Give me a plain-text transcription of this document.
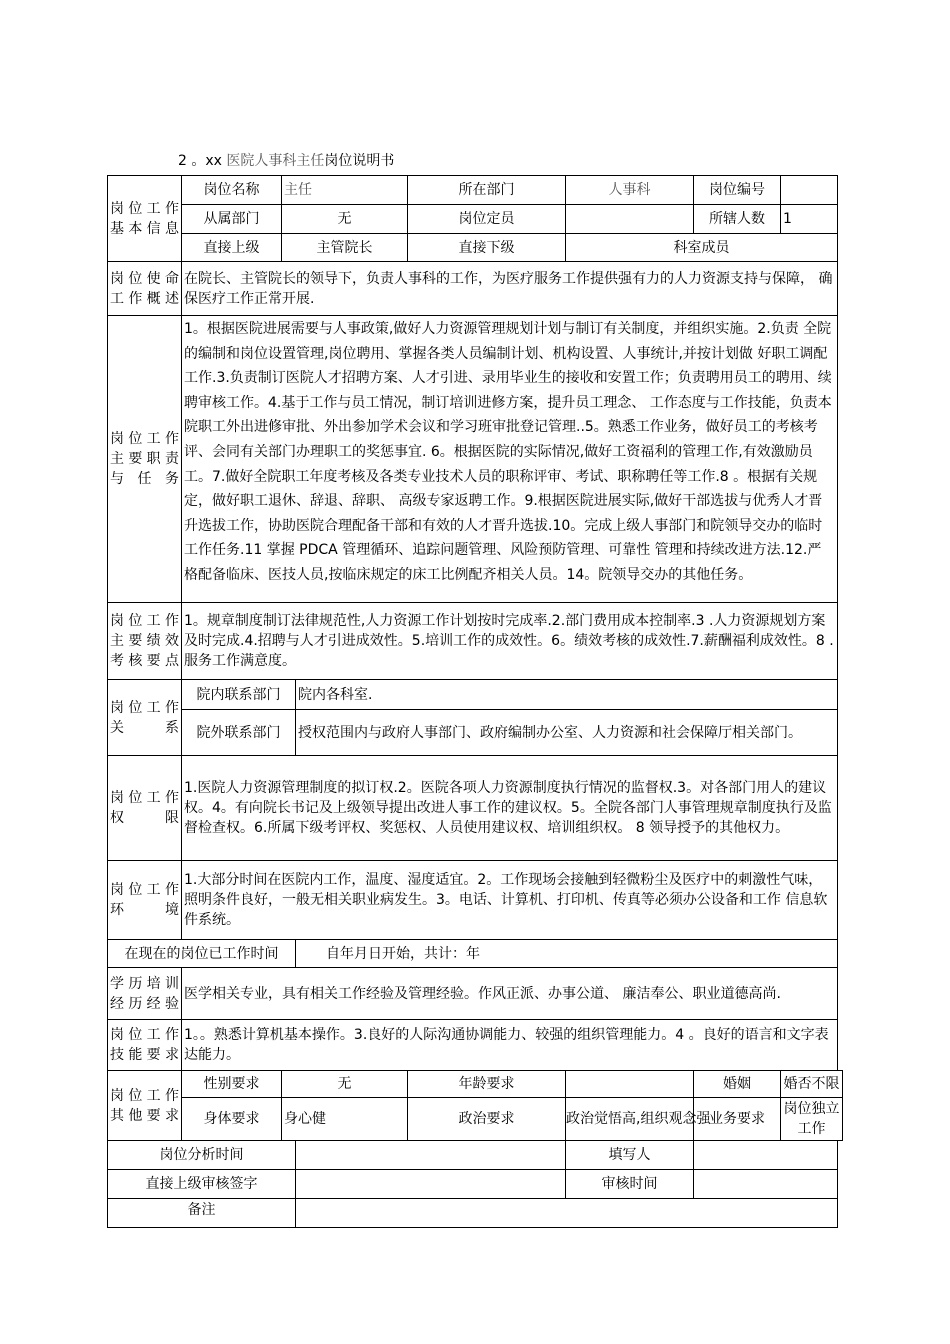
2 。xx 医院人事科主任岗位说明书
岗位工作基本信息	岗位名称	主任		所在部门	人事科	岗位编号	
	从属部门	无		岗位定员		所辖人数	1
	直接上级	主管院长		直接下级	科室成员		
岗位使命工作概述	在院长、主管院长的领导下，负责人事科的工作，为医疗服务工作提供强有力的人力资源支持与保障， 确保医疗工作正常开展.						
岗位工作主要职责与任务	1。根据医院进展需要与人事政策,做好人力资源管理规划计划与制订有关制度，并组织实施。2.负责 全院的编制和岗位设置管理,岗位聘用、掌握各类人员编制计划、机构设置、人事统计,并按计划做 好职工调配工作.3.负责制订医院人才招聘方案、人才引进、录用毕业生的接收和安置工作；负责聘用员工的聘用、续聘审核工作。4.基于工作与员工情况，制订培训进修方案，提升员工理念、 工作态度与工作技能，负责本院职工外出进修审批、外出参加学术会议和学习班审批登记管理..5。熟悉工作业务，做好员工的考核考评、会同有关部门办理职工的奖惩事宜. 6。根据医院的实际情况,做好工资福利的管理工作,有效激励员工。7.做好全院职工年度考核及各类专业技术人员的职称评审、考试、职称聘任等工作.8 。根据有关规定，做好职工退休、辞退、辞职、 高级专家返聘工作。9.根据医院进展实际,做好干部选拔与优秀人才晋升选拔工作，协助医院合理配备干部和有效的人才晋升选拔.10。完成上级人事部门和院领导交办的临时工作任务.11 掌握 PDCA 管理循环、追踪问题管理、风险预防管理、可靠性 管理和持续改进方法.12.严格配备临床、医技人员,按临床规定的床工比例配齐相关人员。14。院领导交办的其他任务。						

岗位工作主要绩效考核要点	1。规章制度制订法律规范性,人力资源工作计划按时完成率.2.部门费用成本控制率.3 .人力资源规划方案及时完成.4.招聘与人才引进成效性。5.培训工作的成效性。6。绩效考核的成效性.7.薪酬福利成效性。8 .服务工作满意度。						
岗位工作关系	院内联系部门		院内各科室.				
	院外联系部门		授权范围内与政府人事部门、政府编制办公室、人力资源和社会保障厅相关部门。				
岗位工作权限	1.医院人力资源管理制度的拟订权.2。医院各项人力资源制度执行情况的监督权.3。对各部门用人的建议权。4。有向院长书记及上级领导提出改进人事工作的建议权。5。全院各部门人事管理规章制度执行及监督检查权。6.所属下级考评权、奖惩权、人员使用建议权、培训组织权。 8 领导授予的其他权力。						
岗位工作环境	1.大部分时间在医院内工作，温度、湿度适宜。2。工作现场会接触到轻微粉尘及医疗中的刺激性气味，照明条件良好，一般无相关职业病发生。3。电话、计算机、打印机、传真等必须办公设备和工作 信息软件系统。						
在现在的岗位已工作时间			自年月日开始，共计：年				
学历培训经历经验	医学相关专业，具有相关工作经验及管理经验。作风正派、办事公道、 廉洁奉公、职业道德高尚.						
岗位工作技能要求	1。。熟悉计算机基本操作。3.良好的人际沟通协调能力、较强的组织管理能力。4 。良好的语言和文字表达能力。						
岗位工作其他要求	性别要求	无		年龄要求		婚姻	婚否不限
	身体要求	身心健		政治要求	政治觉悟高,组织观念强	业务要求	岗位独立工作
岗位分析时间					填写人		
直接上级审核签字					审核时间		
备注							
